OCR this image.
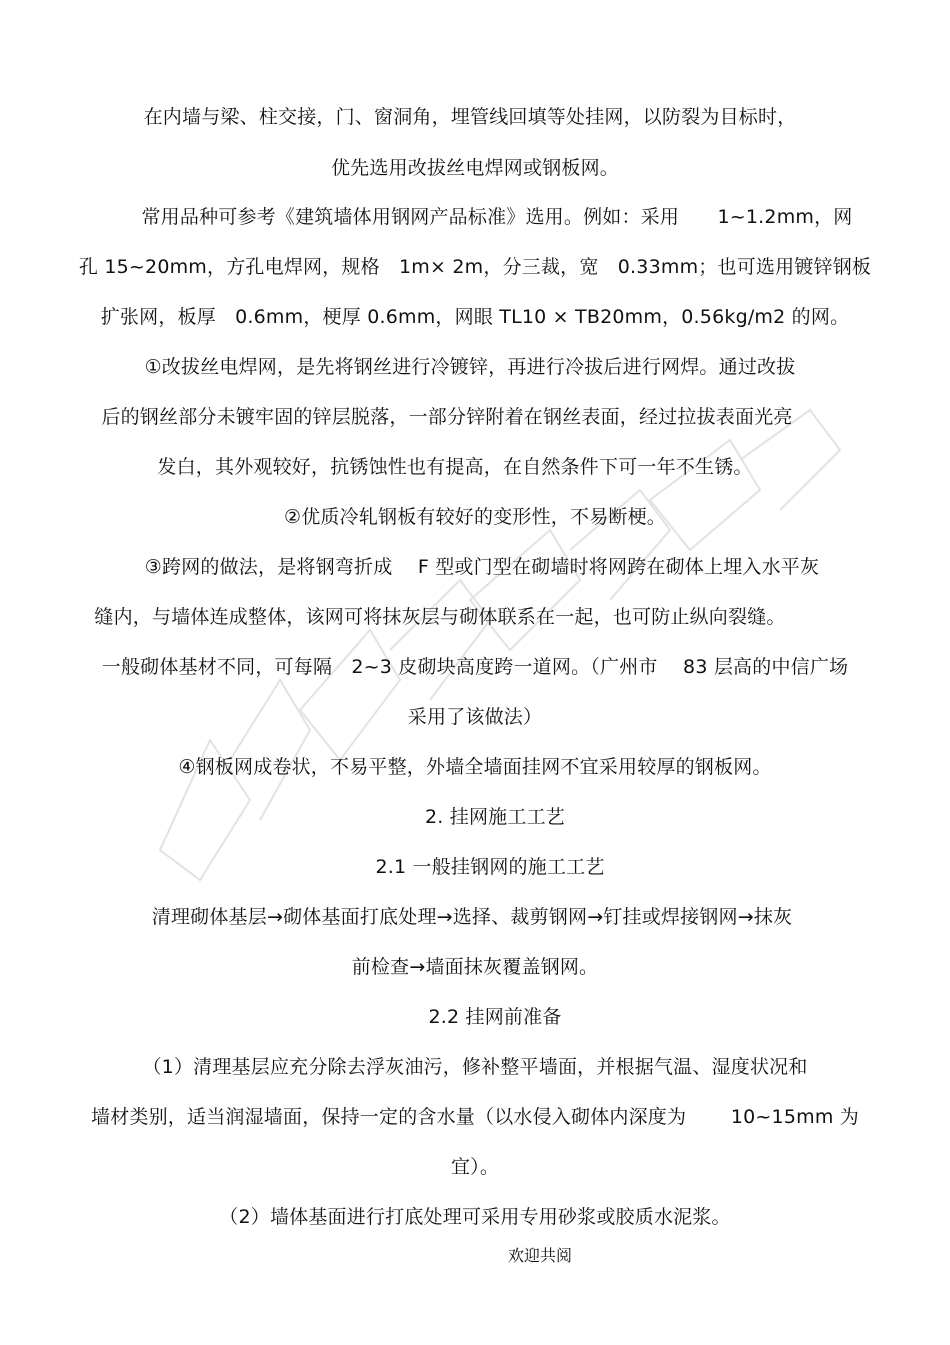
在内墙与梁、柱交接，门、窗洞角，埋管线回填等处挂网，以防裂为目标时，
优先选用改拔丝电焊网或钢板网。
常用品种可参考《建筑墙体用钢网产品标准》选用。例如：采用　　1~1.2mm，网
孔 15~20mm，方孔电焊网，规格　1m× 2m，分三裁，宽　0.33mm；也可选用镀锌钢板
扩张网，板厚　0.6mm，梗厚 0.6mm，网眼 TL10 × TB20mm，0.56kg/m2 的网。
①改拔丝电焊网，是先将钢丝进行冷镀锌，再进行冷拔后进行网焊。通过改拔
后的钢丝部分未镀牢固的锌层脱落，一部分锌附着在钢丝表面，经过拉拔表面光亮
发白，其外观较好，抗锈蚀性也有提高，在自然条件下可一年不生锈。
②优质冷轧钢板有较好的变形性，不易断梗。
③跨网的做法，是将钢弯折成　 F 型或门型在砌墙时将网跨在砌体上埋入水平灰
缝内，与墙体连成整体，该网可将抹灰层与砌体联系在一起，也可防止纵向裂缝。
一般砌体基材不同，可每隔　2~3 皮砌块高度跨一道网。（广州市　 83 层高的中信广场
采用了该做法）
④钢板网成卷状，不易平整，外墙全墙面挂网不宜采用较厚的钢板网。
2. 挂网施工工艺
2.1 一般挂钢网的施工工艺
清理砌体基层→砌体基面打底处理→选择、裁剪钢网→钉挂或焊接钢网→抹灰
前检查→墙面抹灰覆盖钢网。
2.2 挂网前准备
（1）清理基层应充分除去浮灰油污，修补整平墙面，并根据气温、湿度状况和
墙材类别，适当润湿墙面，保持一定的含水量（以水侵入砌体内深度为　　 10~15mm 为
宜）。
（2）墙体基面进行打底处理可采用专用砂浆或胶质水泥浆。
欢迎共阅
